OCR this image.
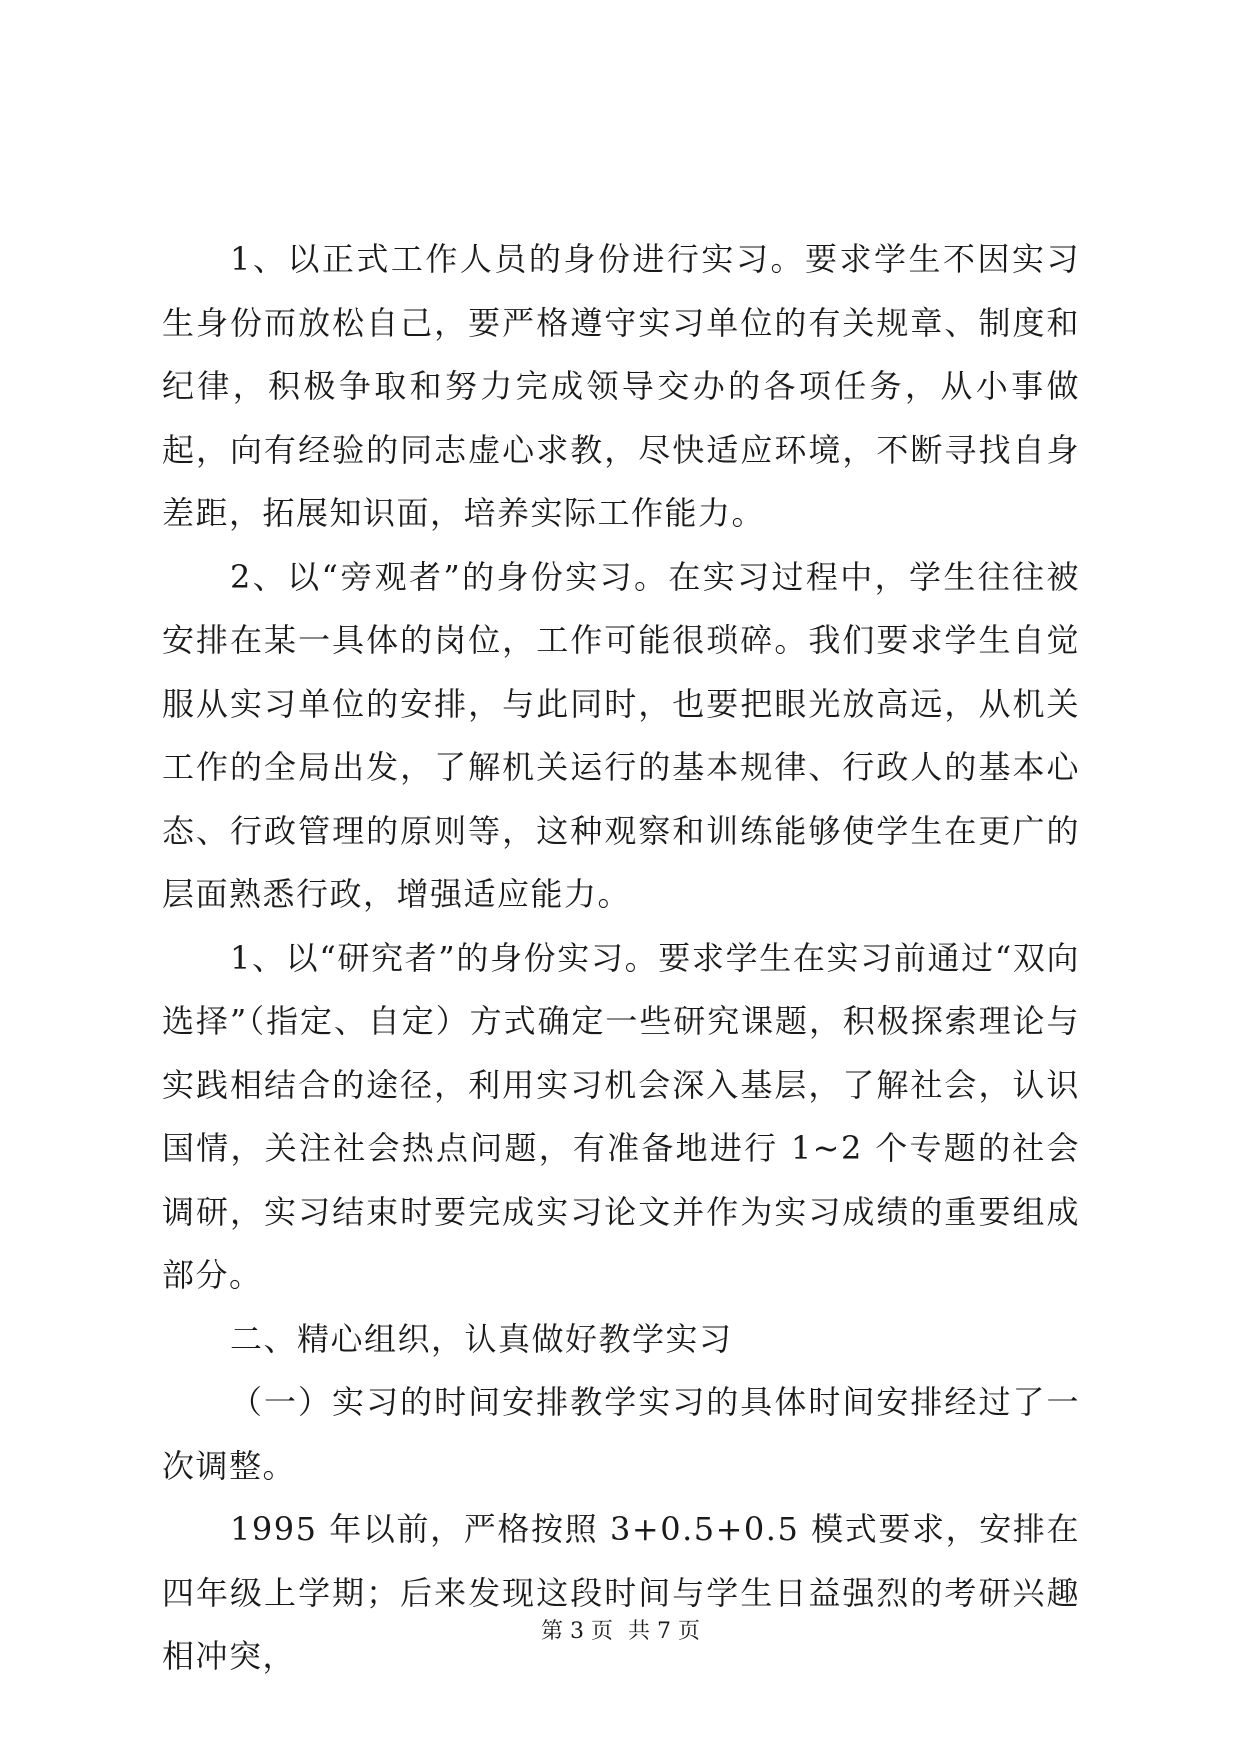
1、以正式工作人员的身份进行实习。要求学生不因实习生身份而放松自己，要严格遵守实习单位的有关规章、制度和纪律，积极争取和努力完成领导交办的各项任务，从小事做起，向有经验的同志虚心求教，尽快适应环境，不断寻找自身差距，拓展知识面，培养实际工作能力。

2、以“旁观者”的身份实习。在实习过程中，学生往往被安排在某一具体的岗位，工作可能很琐碎。我们要求学生自觉服从实习单位的安排，与此同时，也要把眼光放高远，从机关工作的全局出发，了解机关运行的基本规律、行政人的基本心态、行政管理的原则等，这种观察和训练能够使学生在更广的层面熟悉行政，增强适应能力。

1、以“研究者”的身份实习。要求学生在实习前通过“双向选择”（指定、自定）方式确定一些研究课题，积极探索理论与实践相结合的途径，利用实习机会深入基层，了解社会，认识国情，关注社会热点问题，有准备地进行 1~2 个专题的社会调研，实习结束时要完成实习论文并作为实习成绩的重要组成部分。

二、精心组织，认真做好教学实习

（一）实习的时间安排教学实习的具体时间安排经过了一次调整。

1995 年以前，严格按照 3+0.5+0.5 模式要求，安排在四年级上学期；后来发现这段时间与学生日益强烈的考研兴趣相冲突，

第 3 页 共 7 页
